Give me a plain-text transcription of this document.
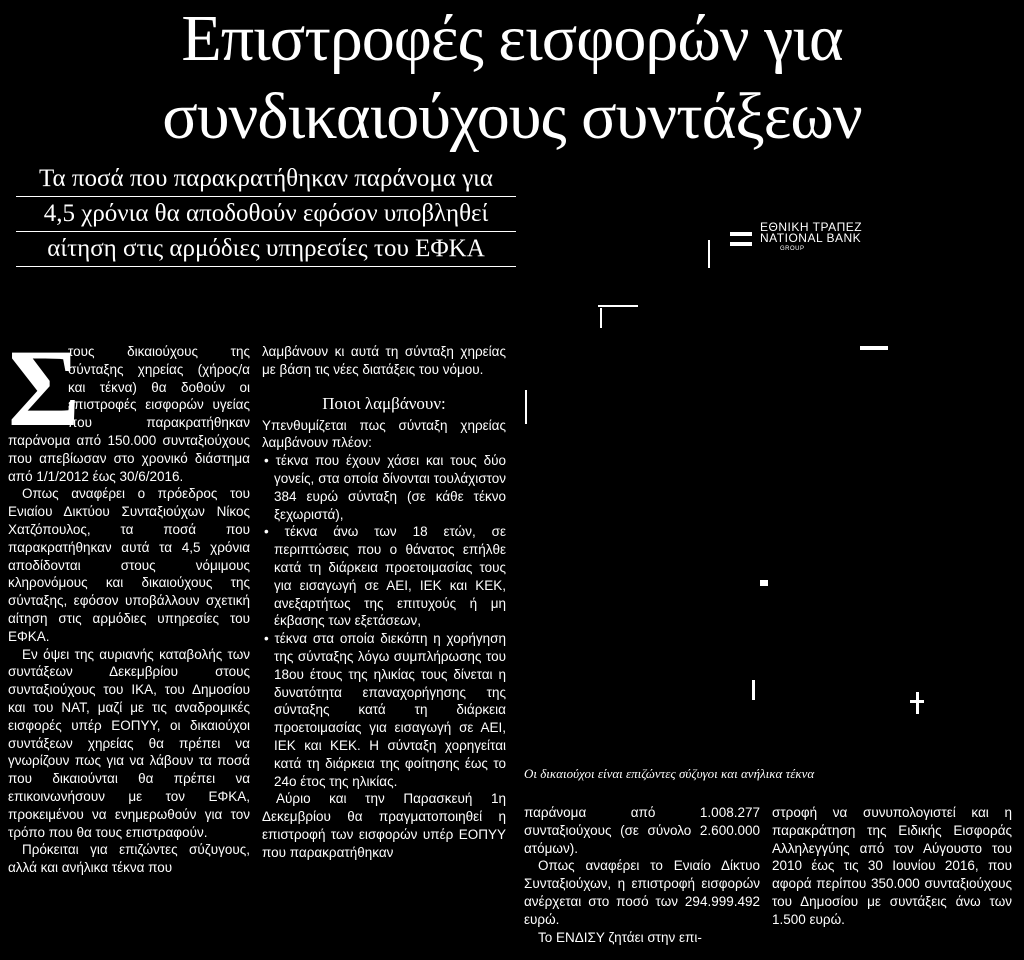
Επιστροφές εισφορών για
συνδικαιούχους συντάξεων
Τα ποσά που παρακρατήθηκαν παράνομα για
4,5 χρόνια θα αποδοθούν εφόσον υποβληθεί
αίτηση στις αρμόδιες υπηρεσίες του ΕΦΚΑ
ΕΘΝΙΚΗ ΤΡΑΠΕΖ
NATIONAL BANK
GROUP
Οι δικαιούχοι είναι επιζώντες σύζυγοι και ανήλικα τέκνα
Σ

τους δικαιούχους της σύνταξης χηρείας (χήρος/α και τέκνα) θα δοθούν οι επιστροφές εισφορών υγείας που παρακρατήθηκαν παράνομα από 150.000 συνταξιούχους που απεβίωσαν στο χρονικό διάστημα από 1/1/2012 έως 30/6/2016.

Οπως αναφέρει ο πρόεδρος του Ενιαίου Δικτύου Συνταξιούχων Νίκος Χατζόπουλος, τα ποσά που παρακρατήθηκαν αυτά τα 4,5 χρόνια αποδίδονται στους νόμιμους κληρονόμους και δικαιούχους της σύνταξης, εφόσον υποβάλλουν σχετική αίτηση στις αρμόδιες υπηρεσίες του ΕΦΚΑ.

Εν όψει της αυριανής καταβολής των συντάξεων Δεκεμβρίου στους συνταξιούχους του ΙΚΑ, του Δημοσίου και του ΝΑΤ, μαζί με τις αναδρομικές εισφορές υπέρ ΕΟΠΥΥ, οι δικαιούχοι συντάξεων χηρείας θα πρέπει να γνωρίζουν πως για να λάβουν τα ποσά που δικαιούνται θα πρέπει να επικοινωνήσουν με τον ΕΦΚΑ, προκειμένου να ενημερωθούν για τον τρόπο που θα τους επιστραφούν.

Πρόκειται για επιζώντες σύζυγους, αλλά και ανήλικα τέκνα που

λαμβάνουν κι αυτά τη σύνταξη χηρείας με βάση τις νέες διατάξεις του νόμου.

Ποιοι λαμβάνουν:

Υπενθυμίζεται πως σύνταξη χηρείας λαμβάνουν πλέον:

• τέκνα που έχουν χάσει και τους δύο γονείς, στα οποία δίνονται τουλάχιστον 384 ευρώ σύνταξη (σε κάθε τέκνο ξεχωριστά),
• τέκνα άνω των 18 ετών, σε περιπτώσεις που ο θάνατος επήλθε κατά τη διάρκεια προετοιμασίας τους για εισαγωγή σε ΑΕΙ, ΙΕΚ και ΚΕΚ, ανεξαρτήτως της επιτυχούς ή μη έκβασης των εξετάσεων,
• τέκνα στα οποία διεκόπη η χορήγηση της σύνταξης λόγω συμπλήρωσης του 18ου έτους της ηλικίας τους δίνεται η δυνατότητα επαναχορήγησης της σύνταξης κατά τη διάρκεια προετοιμασίας για εισαγωγή σε ΑΕΙ, ΙΕΚ και ΚΕΚ. Η σύνταξη χορηγείται κατά τη διάρκεια της φοίτησης έως το 24ο έτος της ηλικίας.

Αύριο και την Παρασκευή 1η Δεκεμβρίου θα πραγματοποιηθεί η επιστροφή των εισφορών υπέρ ΕΟΠΥΥ που παρακρατήθηκαν

παράνομα από 1.008.277 συνταξιούχους (σε σύνολο 2.600.000 ατόμων).

Οπως αναφέρει το Ενιαίο Δίκτυο Συνταξιούχων, η επιστροφή εισφορών ανέρχεται στο ποσό των 294.999.492 ευρώ.

Το ΕΝΔΙΣΥ ζητάει στην επι-

στροφή να συνυπολογιστεί και η παρακράτηση της Ειδικής Εισφοράς Αλληλεγγύης από τον Αύγουστο του 2010 έως τις 30 Ιουνίου 2016, που αφορά περίπου 350.000 συνταξιούχους του Δημοσίου με συντάξεις άνω των 1.500 ευρώ.
